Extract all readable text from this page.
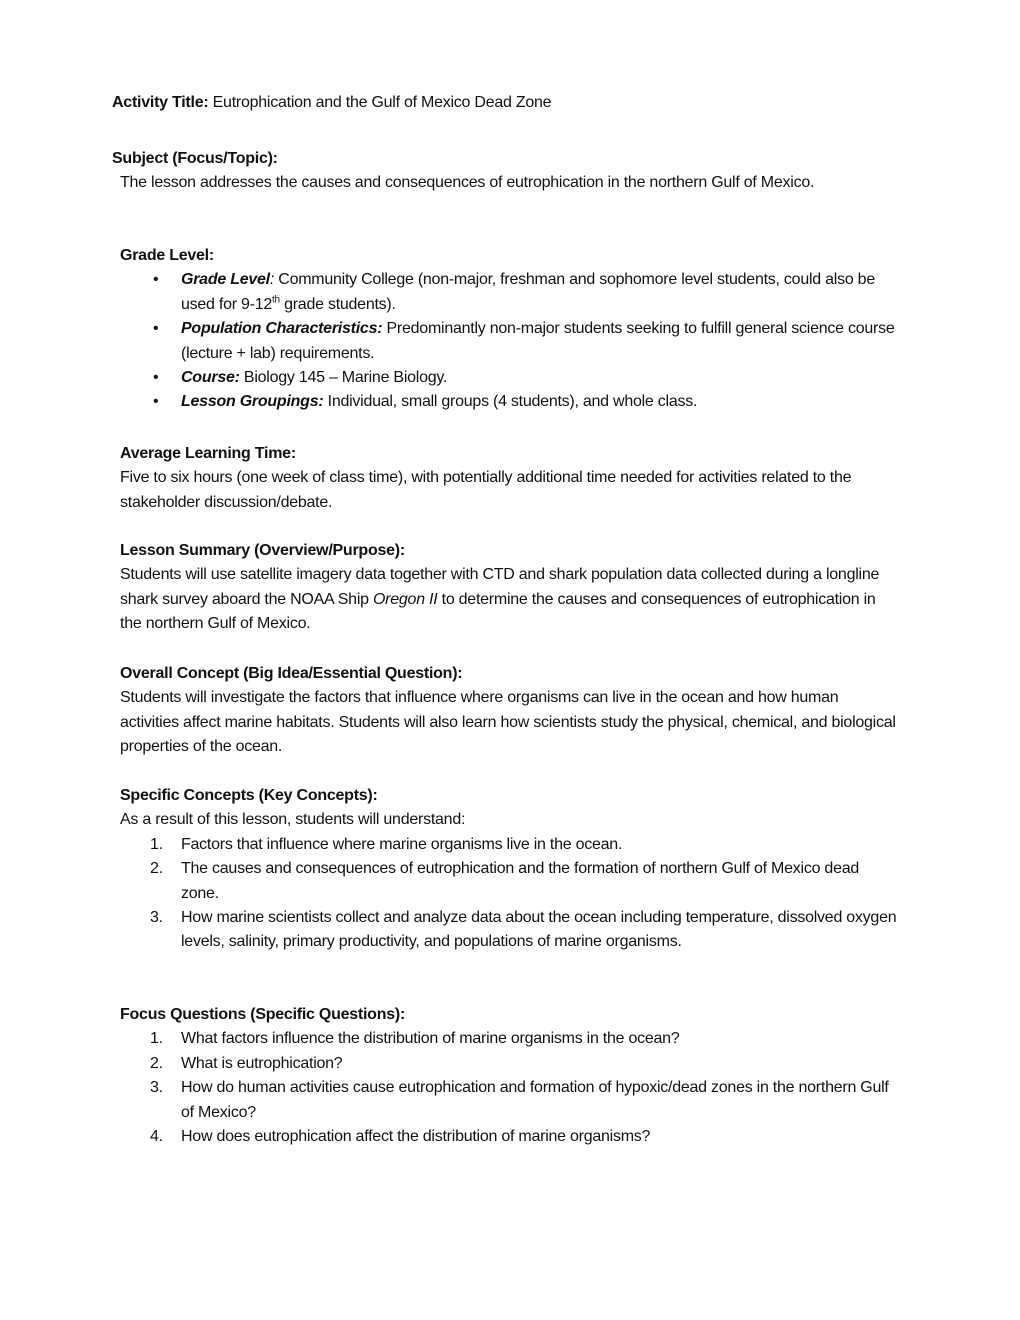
Activity Title: Eutrophication and the Gulf of Mexico Dead Zone

Subject (Focus/Topic):

The lesson addresses the causes and consequences of eutrophication in the northern Gulf of Mexico.

Grade Level:

• Grade Level: Community College (non-major, freshman and sophomore level students, could also be used for 9-12th grade students).
• Population Characteristics: Predominantly non-major students seeking to fulfill general science course (lecture + lab) requirements.
• Course: Biology 145 – Marine Biology.
• Lesson Groupings: Individual, small groups (4 students), and whole class.

Average Learning Time:

Five to six hours (one week of class time), with potentially additional time needed for activities related to the stakeholder discussion/debate.

Lesson Summary (Overview/Purpose):

Students will use satellite imagery data together with CTD and shark population data collected during a longline shark survey aboard the NOAA Ship Oregon II to determine the causes and consequences of eutrophication in the northern Gulf of Mexico.

Overall Concept (Big Idea/Essential Question):

Students will investigate the factors that influence where organisms can live in the ocean and how human activities affect marine habitats. Students will also learn how scientists study the physical, chemical, and biological properties of the ocean.

Specific Concepts (Key Concepts):

As a result of this lesson, students will understand:

1. Factors that influence where marine organisms live in the ocean.
2. The causes and consequences of eutrophication and the formation of northern Gulf of Mexico dead zone.
3. How marine scientists collect and analyze data about the ocean including temperature, dissolved oxygen levels, salinity, primary productivity, and populations of marine organisms.

Focus Questions (Specific Questions):

1. What factors influence the distribution of marine organisms in the ocean?
2. What is eutrophication?
3. How do human activities cause eutrophication and formation of hypoxic/dead zones in the northern Gulf of Mexico?
4. How does eutrophication affect the distribution of marine organisms?
